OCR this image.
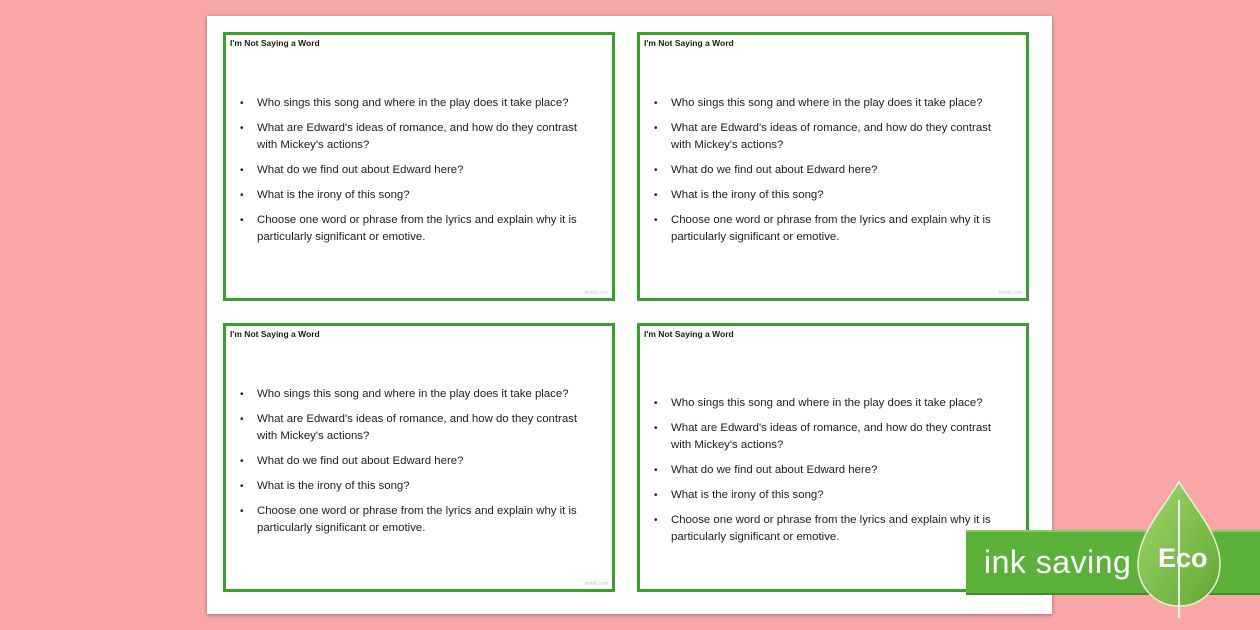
I'm Not Saying a Word
• Who sings this song and where in the play does it take place?
• What are Edward's ideas of romance, and how do they contrast with Mickey's actions?
• What do we find out about Edward here?
• What is the irony of this song?
• Choose one word or phrase from the lyrics and explain why it is particularly significant or emotive.
twinkl.com
I'm Not Saying a Word
• Who sings this song and where in the play does it take place?
• What are Edward's ideas of romance, and how do they contrast with Mickey's actions?
• What do we find out about Edward here?
• What is the irony of this song?
• Choose one word or phrase from the lyrics and explain why it is particularly significant or emotive.
twinkl.com
I'm Not Saying a Word
• Who sings this song and where in the play does it take place?
• What are Edward's ideas of romance, and how do they contrast with Mickey's actions?
• What do we find out about Edward here?
• What is the irony of this song?
• Choose one word or phrase from the lyrics and explain why it is particularly significant or emotive.
twinkl.com
I'm Not Saying a Word
• Who sings this song and where in the play does it take place?
• What are Edward's ideas of romance, and how do they contrast with Mickey's actions?
• What do we find out about Edward here?
• What is the irony of this song?
• Choose one word or phrase from the lyrics and explain why it is particularly significant or emotive.
ink saving Eco
